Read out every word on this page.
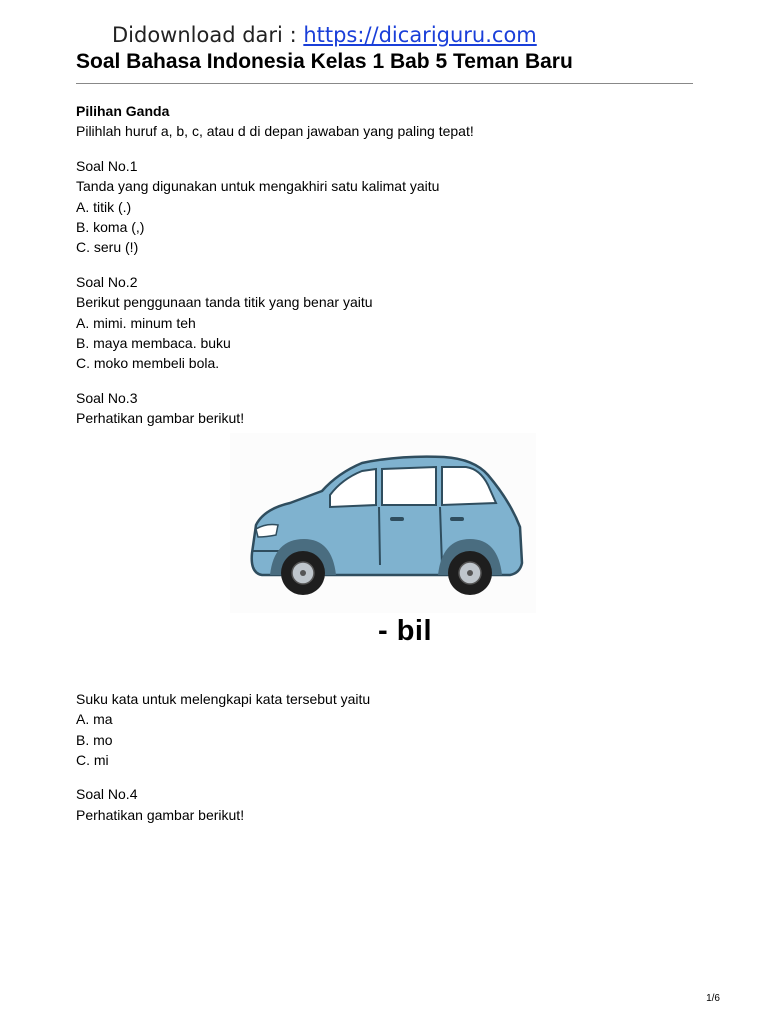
Didownload dari : https://dicariguru.com
Soal Bahasa Indonesia Kelas 1 Bab 5 Teman Baru
Pilihan Ganda
Pilihlah huruf a, b, c, atau d di depan jawaban yang paling tepat!
Soal No.1
Tanda yang digunakan untuk mengakhiri satu kalimat yaitu
A. titik (.)
B. koma (,)
C. seru (!)
Soal No.2
Berikut penggunaan tanda titik yang benar yaitu
A. mimi. minum teh
B. maya membaca. buku
C. moko membeli bola.
Soal No.3
Perhatikan gambar berikut!
- bil
Suku kata untuk melengkapi kata tersebut yaitu
A. ma
B. mo
C. mi
Soal No.4
Perhatikan gambar berikut!
1/6
